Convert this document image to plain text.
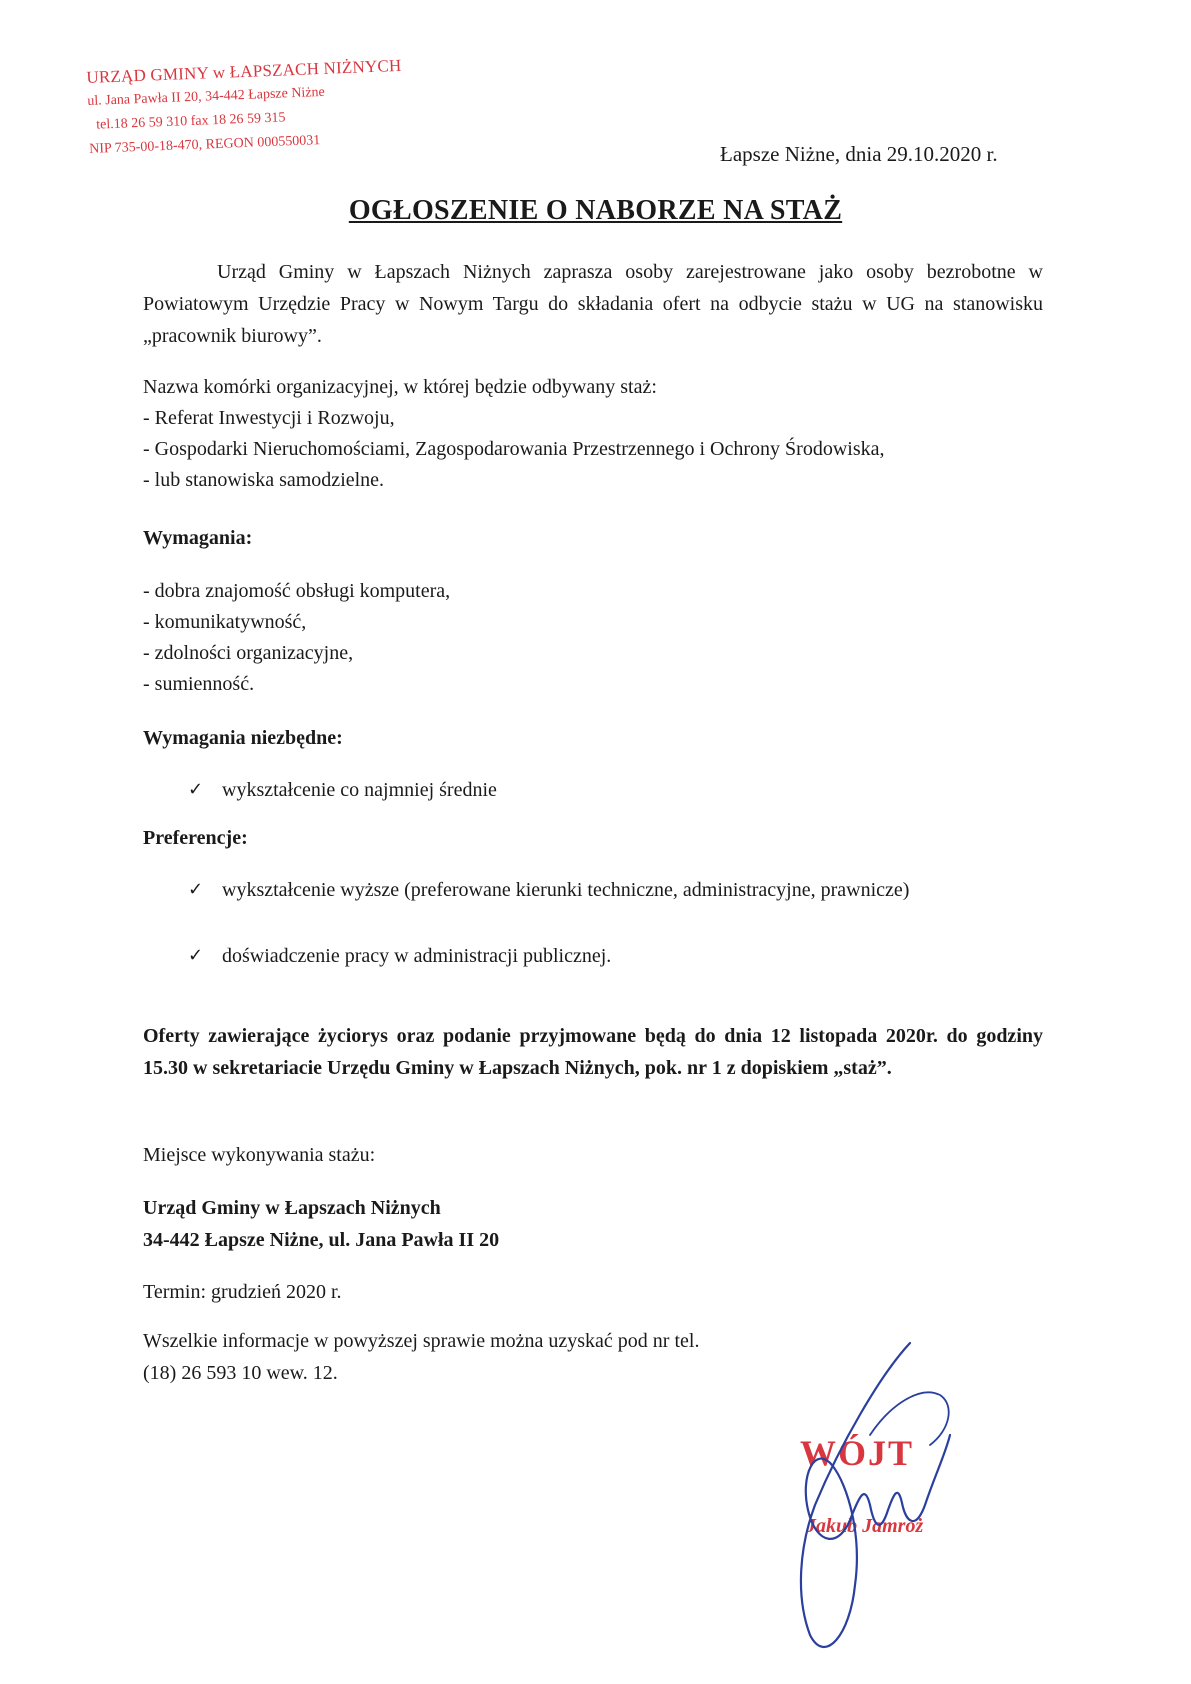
URZĄD GMINY w ŁAPSZACH NIŻNYCH
ul. Jana Pawła II 20, 34-442 Łapsze Niżne
tel.18 26 59 310 fax 18 26 59 315
NIP 735-00-18-470, REGON 000550031	Łapsze Niżne, dnia 29.10.2020 r.
OGŁOSZENIE O NABORZE NA STAŻ
Urząd Gminy w Łapszach Niżnych zaprasza osoby zarejestrowane jako osoby bezrobotne w Powiatowym Urzędzie Pracy w Nowym Targu do składania ofert na odbycie stażu w UG na stanowisku „pracownik biurowy”.
Nazwa komórki organizacyjnej, w której będzie odbywany staż:
- Referat Inwestycji i Rozwoju,
- Gospodarki Nieruchomościami, Zagospodarowania Przestrzennego i Ochrony Środowiska,
- lub stanowiska samodzielne.
Wymagania:
- dobra znajomość obsługi komputera,
- komunikatywność,
- zdolności organizacyjne,
- sumienność.
Wymagania niezbędne:
✓ wykształcenie co najmniej średnie
Preferencje:
✓ wykształcenie wyższe (preferowane kierunki techniczne, administracyjne, prawnicze)
✓ doświadczenie pracy w administracji publicznej.
Oferty zawierające życiorys oraz podanie przyjmowane będą do dnia 12 listopada 2020r. do godziny 15.30 w sekretariacie Urzędu Gminy w Łapszach Niżnych, pok. nr 1 z dopiskiem „staż”.
Miejsce wykonywania stażu:
Urząd Gminy w Łapszach Niżnych
34-442 Łapsze Niżne, ul. Jana Pawła II 20
Termin: grudzień 2020 r.
Wszelkie informacje w powyższej sprawie można uzyskać pod nr tel.
(18) 26 593 10 wew. 12.
WÓJT
Jakub Jamroż
